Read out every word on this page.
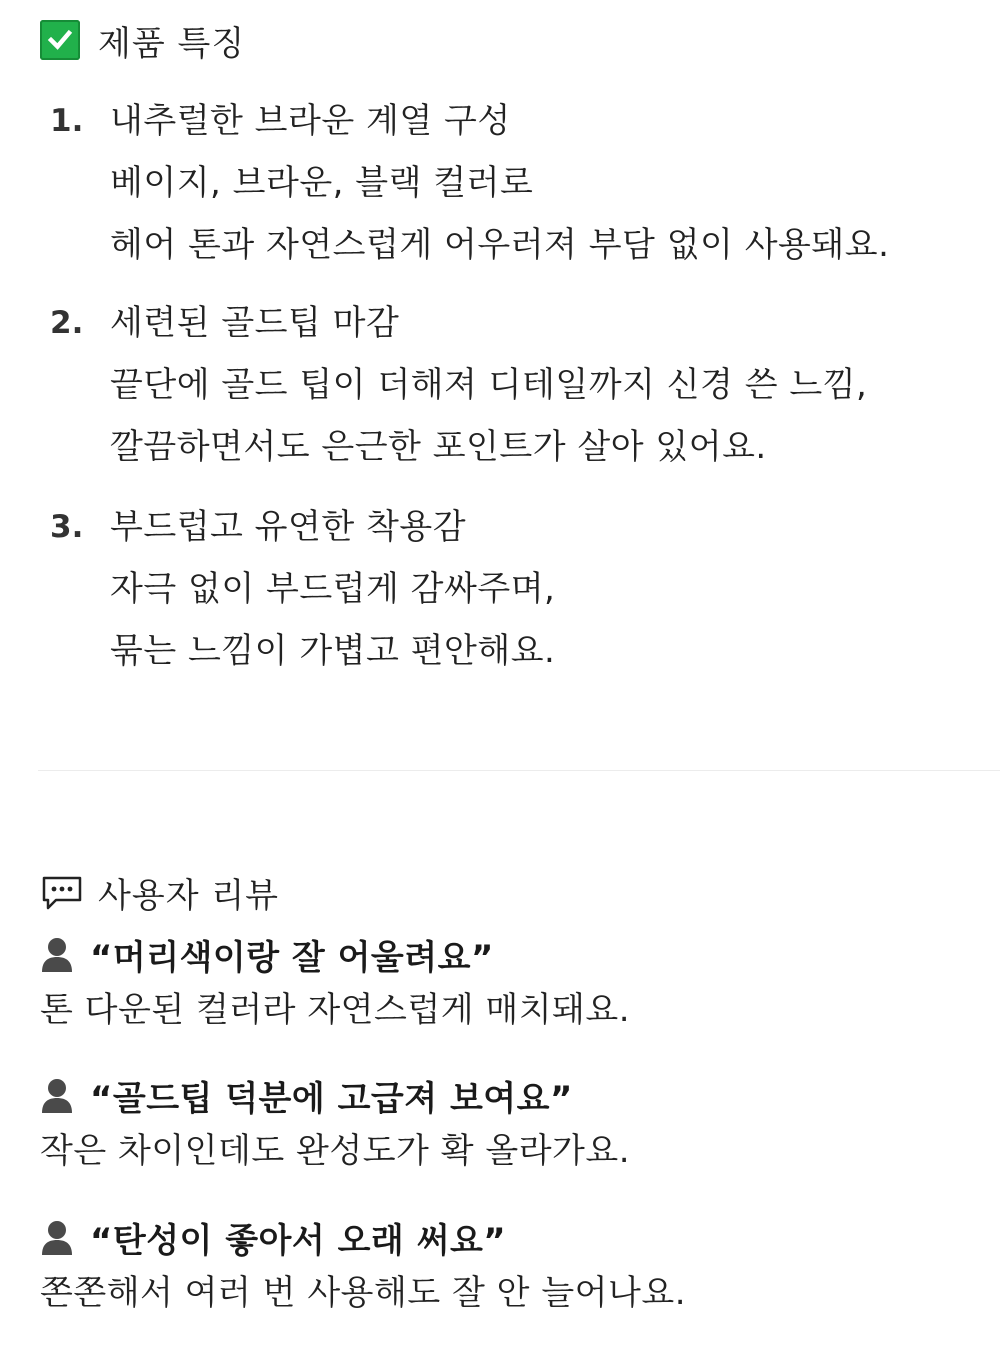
제품 특징
1. 내추럴한 브라운 계열 구성
베이지, 브라운, 블랙 컬러로
헤어 톤과 자연스럽게 어우러져 부담 없이 사용돼요.
2. 세련된 골드팁 마감
끝단에 골드 팁이 더해져 디테일까지 신경 쓴 느낌,
깔끔하면서도 은근한 포인트가 살아 있어요.
3. 부드럽고 유연한 착용감
자극 없이 부드럽게 감싸주며,
묶는 느낌이 가볍고 편안해요.
사용자 리뷰
“머리색이랑 잘 어울려요”
톤 다운된 컬러라 자연스럽게 매치돼요.
“골드팁 덕분에 고급져 보여요”
작은 차이인데도 완성도가 확 올라가요.
“탄성이 좋아서 오래 써요”
쫀쫀해서 여러 번 사용해도 잘 안 늘어나요.
